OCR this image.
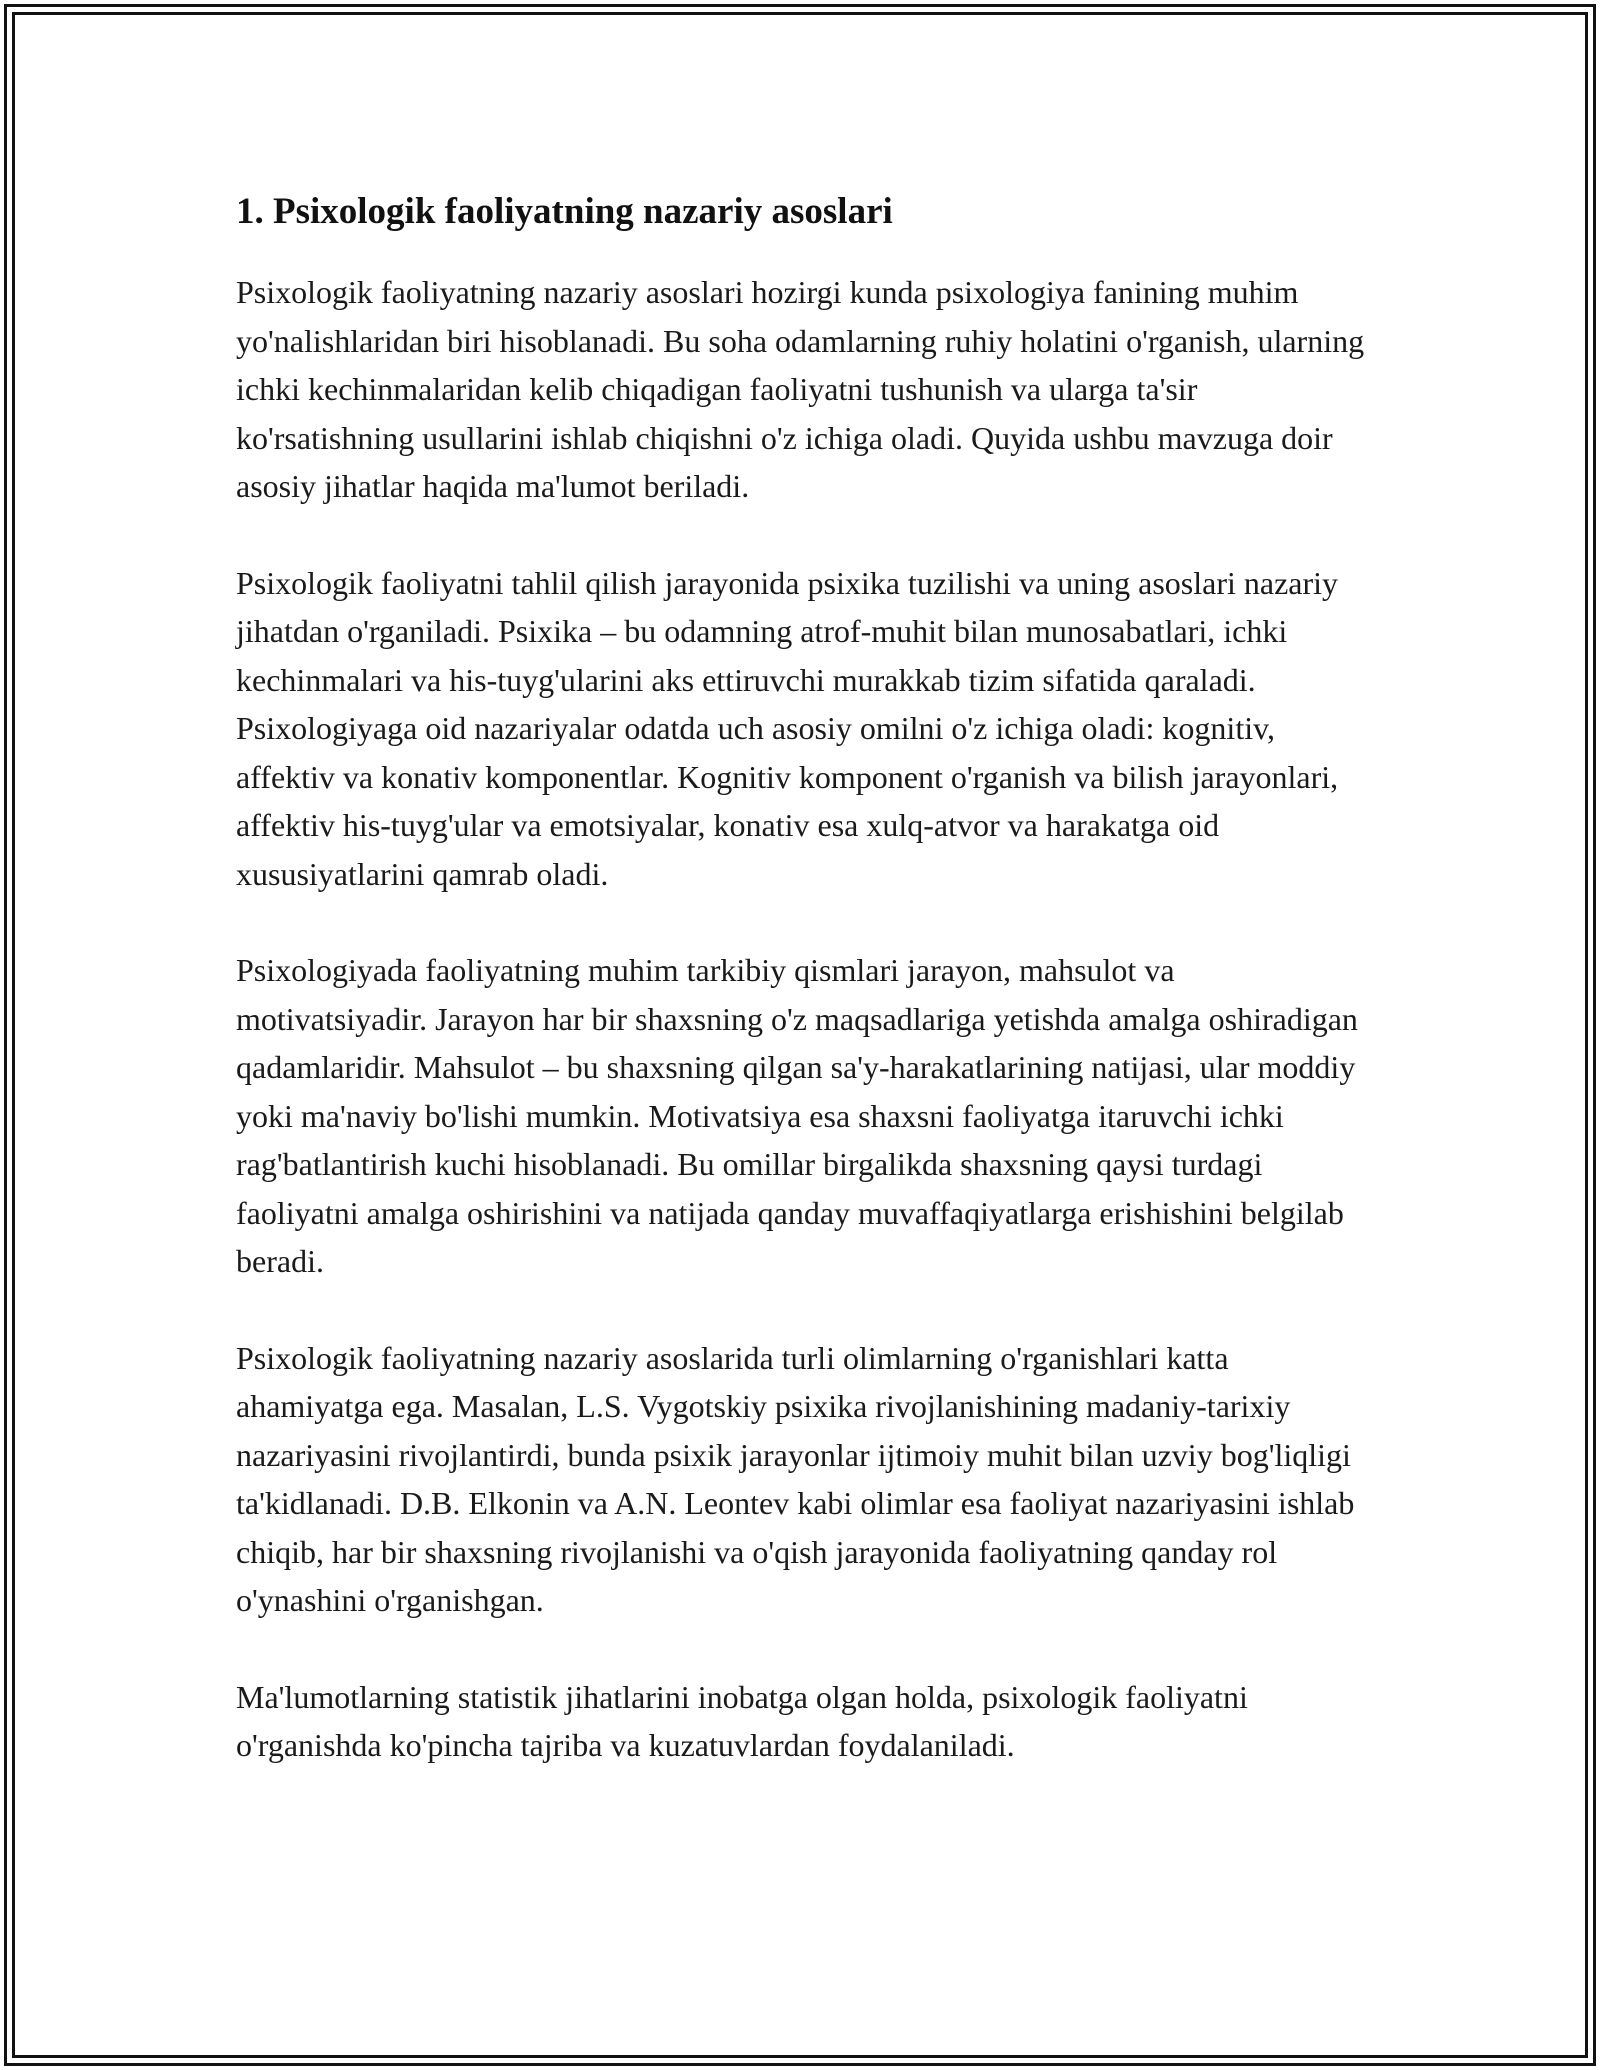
1. Psixologik faoliyatning nazariy asoslari

Psixologik faoliyatning nazariy asoslari hozirgi kunda psixologiya fanining muhim yo'nalishlaridan biri hisoblanadi. Bu soha odamlarning ruhiy holatini o'rganish, ularning ichki kechinmalaridan kelib chiqadigan faoliyatni tushunish va ularga ta'sir ko'rsatishning usullarini ishlab chiqishni o'z ichiga oladi. Quyida ushbu mavzuga doir asosiy jihatlar haqida ma'lumot beriladi.

Psixologik faoliyatni tahlil qilish jarayonida psixika tuzilishi va uning asoslari nazariy jihatdan o'rganiladi. Psixika – bu odamning atrof-muhit bilan munosabatlari, ichki kechinmalari va his-tuyg'ularini aks ettiruvchi murakkab tizim sifatida qaraladi. Psixologiyaga oid nazariyalar odatda uch asosiy omilni o'z ichiga oladi: kognitiv, affektiv va konativ komponentlar. Kognitiv komponent o'rganish va bilish jarayonlari, affektiv his-tuyg'ular va emotsiyalar, konativ esa xulq-atvor va harakatga oid xususiyatlarini qamrab oladi.

Psixologiyada faoliyatning muhim tarkibiy qismlari jarayon, mahsulot va motivatsiyadir. Jarayon har bir shaxsning o'z maqsadlariga yetishda amalga oshiradigan qadamlaridir. Mahsulot – bu shaxsning qilgan sa'y-harakatlarining natijasi, ular moddiy yoki ma'naviy bo'lishi mumkin. Motivatsiya esa shaxsni faoliyatga itaruvchi ichki rag'batlantirish kuchi hisoblanadi. Bu omillar birgalikda shaxsning qaysi turdagi faoliyatni amalga oshirishini va natijada qanday muvaffaqiyatlarga erishishini belgilab beradi.

Psixologik faoliyatning nazariy asoslarida turli olimlarning o'rganishlari katta ahamiyatga ega. Masalan, L.S. Vygotskiy psixika rivojlanishining madaniy-tarixiy nazariyasini rivojlantirdi, bunda psixik jarayonlar ijtimoiy muhit bilan uzviy bog'liqligi ta'kidlanadi. D.B. Elkonin va A.N. Leontev kabi olimlar esa faoliyat nazariyasini ishlab chiqib, har bir shaxsning rivojlanishi va o'qish jarayonida faoliyatning qanday rol o'ynashini o'rganishgan.

Ma'lumotlarning statistik jihatlarini inobatga olgan holda, psixologik faoliyatni o'rganishda ko'pincha tajriba va kuzatuvlardan foydalaniladi.
